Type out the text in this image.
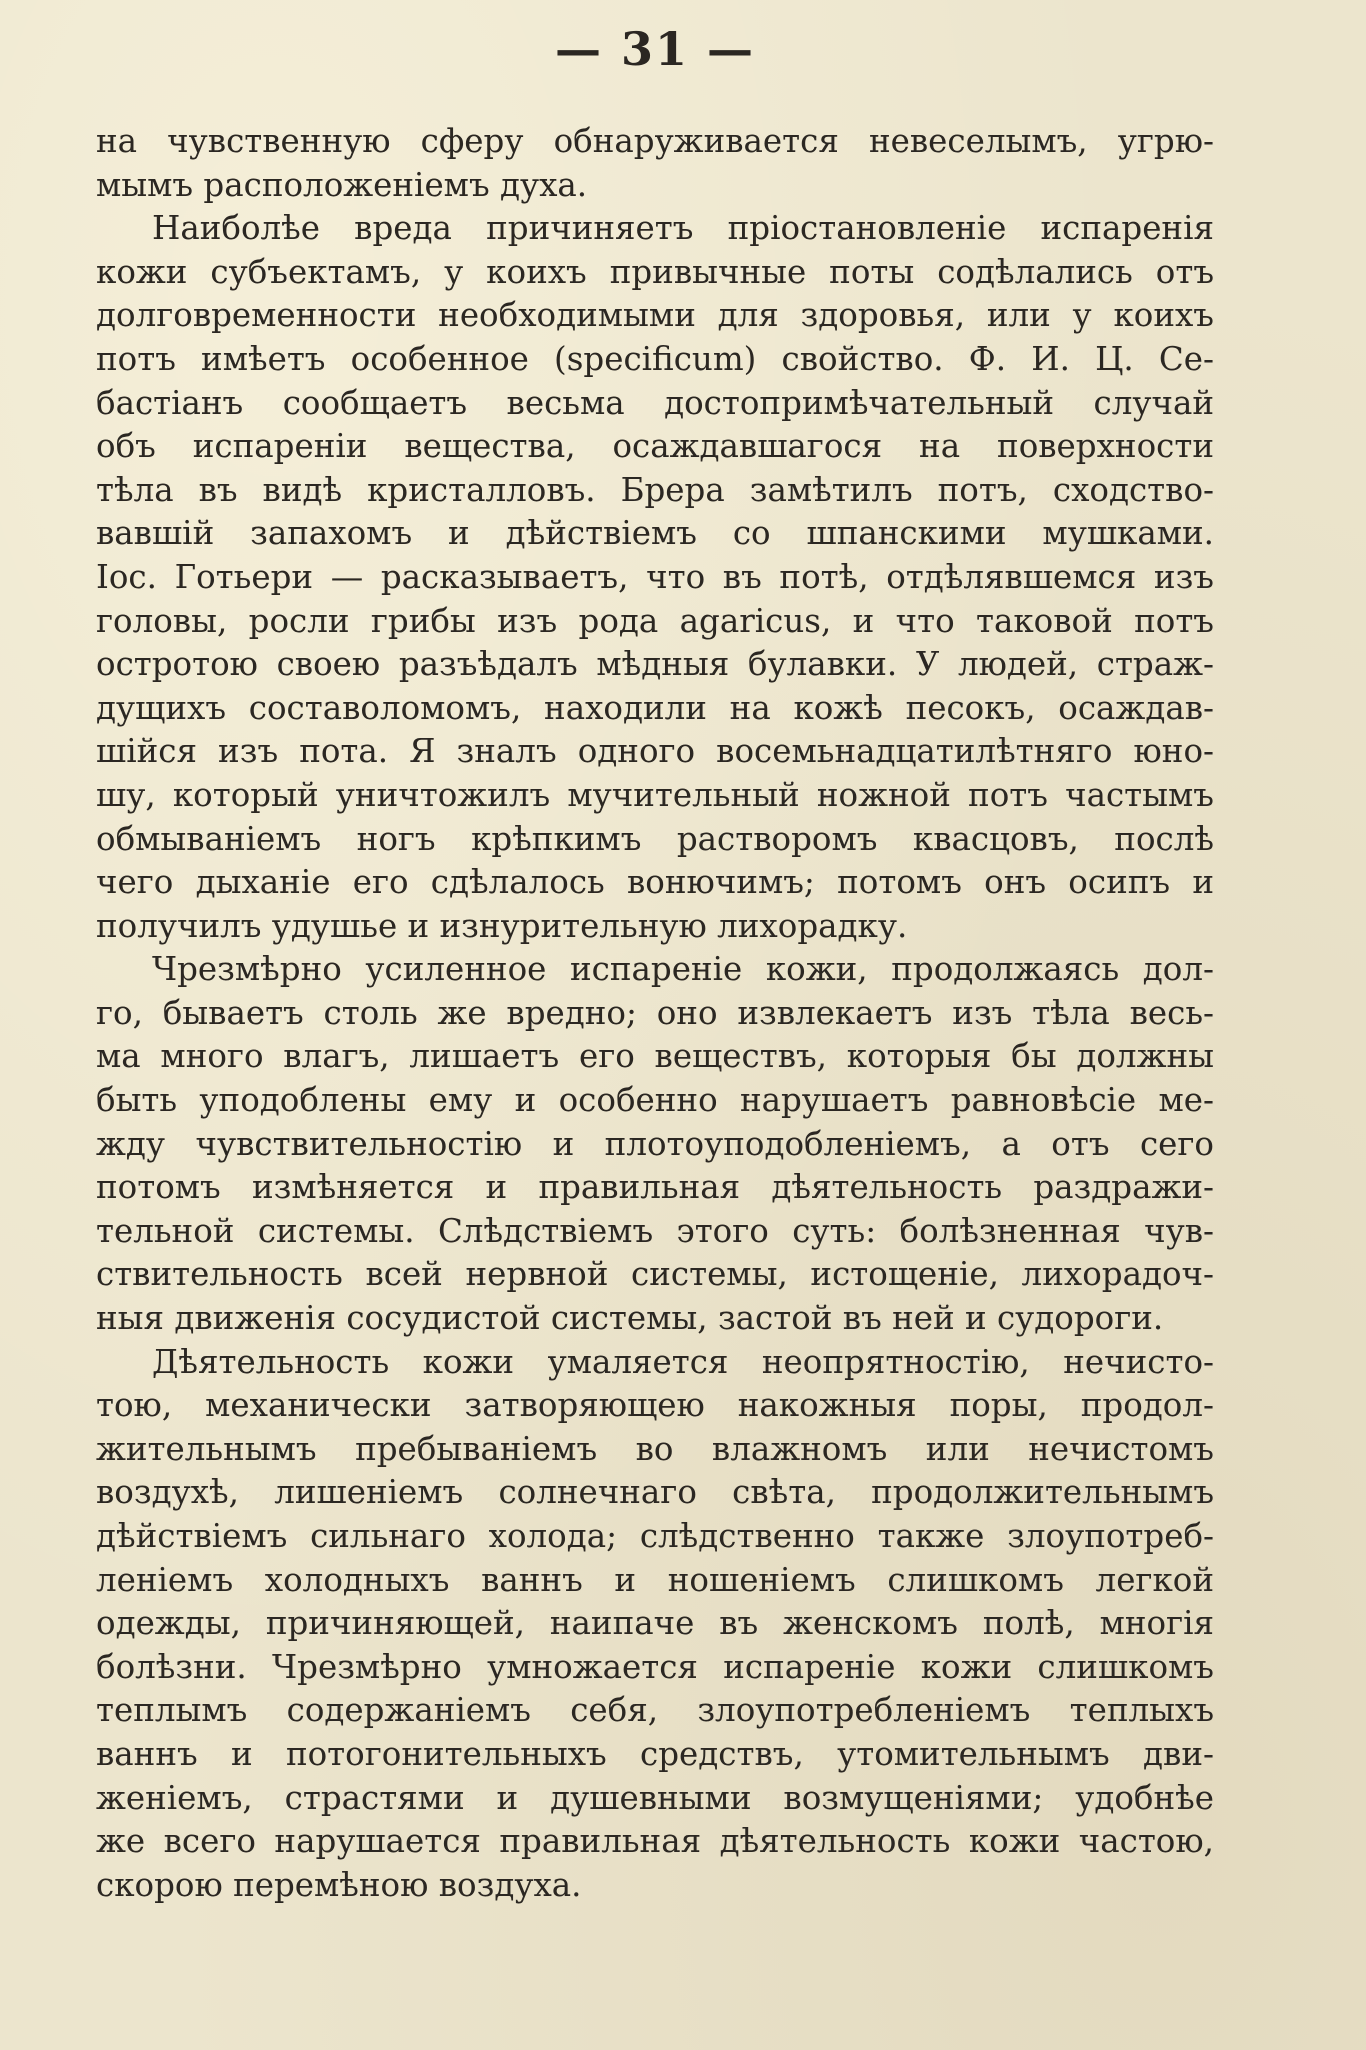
— 31 —
на чувственную сферу обнаруживается невеселымъ, угрю-
мымъ расположенiемъ духа.
Наиболѣе вреда причиняетъ прiостановленiе испаренiя
кожи субъектамъ, у коихъ привычные поты содѣлались отъ
долговременности необходимыми для здоровья, или у коихъ
потъ имѣетъ особенное (specificum) свойство. Ф. И. Ц. Се-
бастiанъ сообщаетъ весьма достопримѣчательный случай
объ испаренiи вещества, осаждавшагося на поверхности
тѣла въ видѣ кристалловъ. Брера замѣтилъ потъ, сходство-
вавшiй запахомъ и дѣйствiемъ со шпанскими мушками.
Iос. Готьери — расказываетъ, что въ потѣ, отдѣлявшемся изъ
головы, росли грибы изъ рода agaricus, и что таковой потъ
остротою своею разъѣдалъ мѣдныя булавки. У людей, страж-
дущихъ составоломомъ, находили на кожѣ песокъ, осаждав-
шiйся изъ пота. Я зналъ одного восемьнадцатилѣтняго юно-
шу, который уничтожилъ мучительный ножной потъ частымъ
обмыванiемъ ногъ крѣпкимъ растворомъ квасцовъ, послѣ
чего дыханiе его сдѣлалось вонючимъ; потомъ онъ осипъ и
получилъ удушье и изнурительную лихорадку.
Чрезмѣрно усиленное испаренiе кожи, продолжаясь дол-
го, бываетъ столь же вредно; оно извлекаетъ изъ тѣла весь-
ма много влагъ, лишаетъ его веществъ, которыя бы должны
быть уподоблены ему и особенно нарушаетъ равновѣсiе ме-
жду чувствительностiю и плотоуподобленiемъ, а отъ сего
потомъ измѣняется и правильная дѣятельность раздражи-
тельной системы. Слѣдствiемъ этого суть: болѣзненная чув-
ствительность всей нервной системы, истощенiе, лихорадоч-
ныя движенiя сосудистой системы, застой въ ней и судороги.
Дѣятельность кожи умаляется неопрятностiю, нечисто-
тою, механически затворяющею накожныя поры, продол-
жительнымъ пребыванiемъ во влажномъ или нечистомъ
воздухѣ, лишенiемъ солнечнаго свѣта, продолжительнымъ
дѣйствiемъ сильнаго холода; слѣдственно также злоупотреб-
ленiемъ холодныхъ ваннъ и ношенiемъ слишкомъ легкой
одежды, причиняющей, наипаче въ женскомъ полѣ, многiя
болѣзни. Чрезмѣрно умножается испаренiе кожи слишкомъ
теплымъ содержанiемъ себя, злоупотребленiемъ теплыхъ
ваннъ и потогонительныхъ средствъ, утомительнымъ дви-
женiемъ, страстями и душевными возмущенiями; удобнѣе
же всего нарушается правильная дѣятельность кожи частою,
скорою перемѣною воздуха.
